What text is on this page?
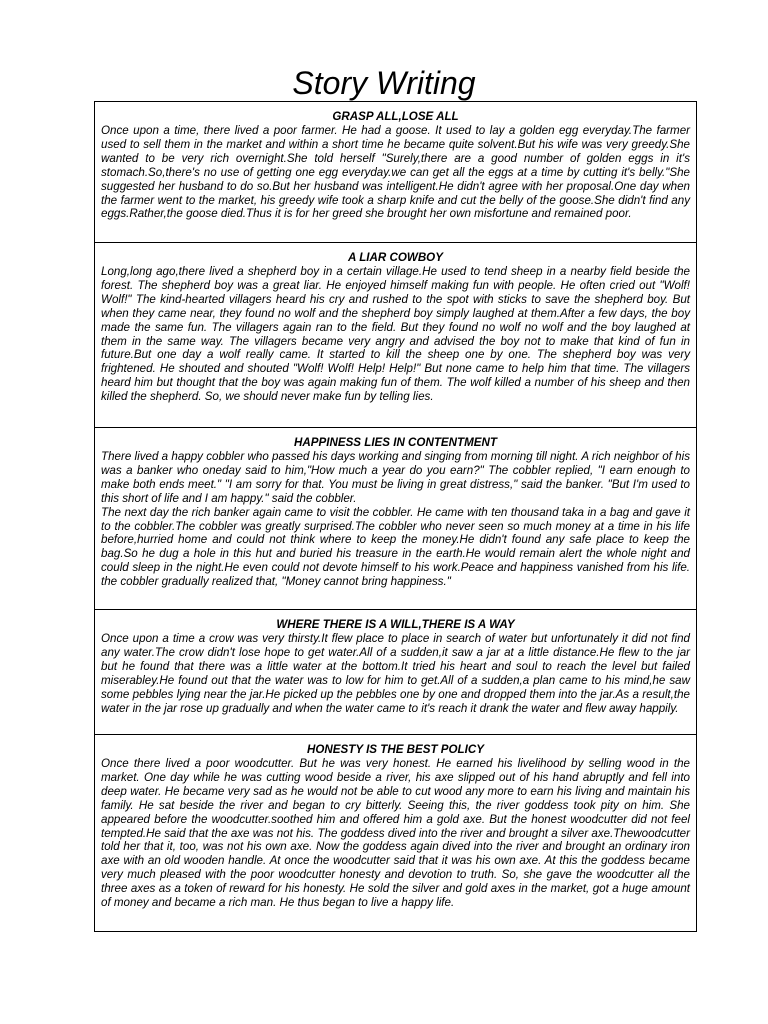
Story Writing

GRASP ALL,LOSE ALL

Once upon a time, there lived a poor farmer. He had a goose. It used to lay a golden egg everyday.The farmer used to sell them in the market and within a short time he became quite solvent.But his wife was very greedy.She wanted to be very rich overnight.She told herself "Surely,there are a good number of golden eggs in it's stomach.So,there's no use of getting one egg everyday.we can get all the eggs at a time by cutting it's belly."She suggested her husband to do so.But her husband was intelligent.He didn't agree with her proposal.One day when the farmer went to the market, his greedy wife took a sharp knife and cut the belly of the goose.She didn't find any eggs.Rather,the goose died.Thus it is for her greed she brought her own misfortune and remained poor.

A LIAR COWBOY

Long,long ago,there lived a shepherd boy in a certain village.He used to tend sheep in a nearby field beside the forest. The shepherd boy was a great liar. He enjoyed himself making fun with people. He often cried out "Wolf! Wolf!" The kind-hearted villagers heard his cry and rushed to the spot with sticks to save the shepherd boy. But when they came near, they found no wolf and the shepherd boy simply laughed at them.After a few days, the boy made the same fun. The villagers again ran to the field. But they found no wolf no wolf and the boy laughed at them in the same way. The villagers became very angry and advised the boy not to make that kind of fun in future.But one day a wolf really came. It started to kill the sheep one by one. The shepherd boy was very frightened. He shouted and shouted "Wolf! Wolf! Help! Help!" But none came to help him that time. The villagers heard him but thought that the boy was again making fun of them. The wolf killed a number of his sheep and then killed the shepherd. So, we should never make fun by telling lies.

HAPPINESS LIES IN CONTENTMENT

There lived a happy cobbler who passed his days working and singing from morning till night. A rich neighbor of his was a banker who oneday said to him,"How much a year do you earn?" The cobbler replied, "I earn enough to make both ends meet." "I am sorry for that. You must be living in great distress," said the banker. "But I'm used to this short of life and I am happy." said the cobbler.

The next day the rich banker again came to visit the cobbler. He came with ten thousand taka in a bag and gave it to the cobbler.The cobbler was greatly surprised.The cobbler who never seen so much money at a time in his life before,hurried home and could not think where to keep the money.He didn't found any safe place to keep the bag.So he dug a hole in this hut and buried his treasure in the earth.He would remain alert the whole night and could sleep in the night.He even could not devote himself to his work.Peace and happiness vanished from his life. the cobbler gradually realized that, "Money cannot bring happiness."

WHERE THERE IS A WILL,THERE IS A WAY

Once upon a time a crow was very thirsty.It flew place to place in search of water but unfortunately it did not find any water.The crow didn't lose hope to get water.All of a sudden,it saw a jar at a little distance.He flew to the jar but he found that there was a little water at the bottom.It tried his heart and soul to reach the level but failed miserabley.He found out that the water was to low for him to get.All of a sudden,a plan came to his mind,he saw some pebbles lying near the jar.He picked up the pebbles one by one and dropped them into the jar.As a result,the water in the jar rose up gradually and when the water came to it's reach it drank the water and flew away happily.

HONESTY IS THE BEST POLICY

Once there lived a poor woodcutter. But he was very honest. He earned his livelihood by selling wood in the market. One day while he was cutting wood beside a river, his axe slipped out of his hand abruptly and fell into deep water. He became very sad as he would not be able to cut wood any more to earn his living and maintain his family. He sat beside the river and began to cry bitterly. Seeing this, the river goddess took pity on him. She appeared before the woodcutter.soothed him and offered him a gold axe. But the honest woodcutter did not feel tempted.He said that the axe was not his. The goddess dived into the river and brought a silver axe.Thewoodcutter told her that it, too, was not his own axe. Now the goddess again dived into the river and brought an ordinary iron axe with an old wooden handle. At once the woodcutter said that it was his own axe. At this the goddess became very much pleased with the poor woodcutter honesty and devotion to truth. So, she gave the woodcutter all the three axes as a token of reward for his honesty. He sold the silver and gold axes in the market, got a huge amount of money and became a rich man. He thus began to live a happy life.
